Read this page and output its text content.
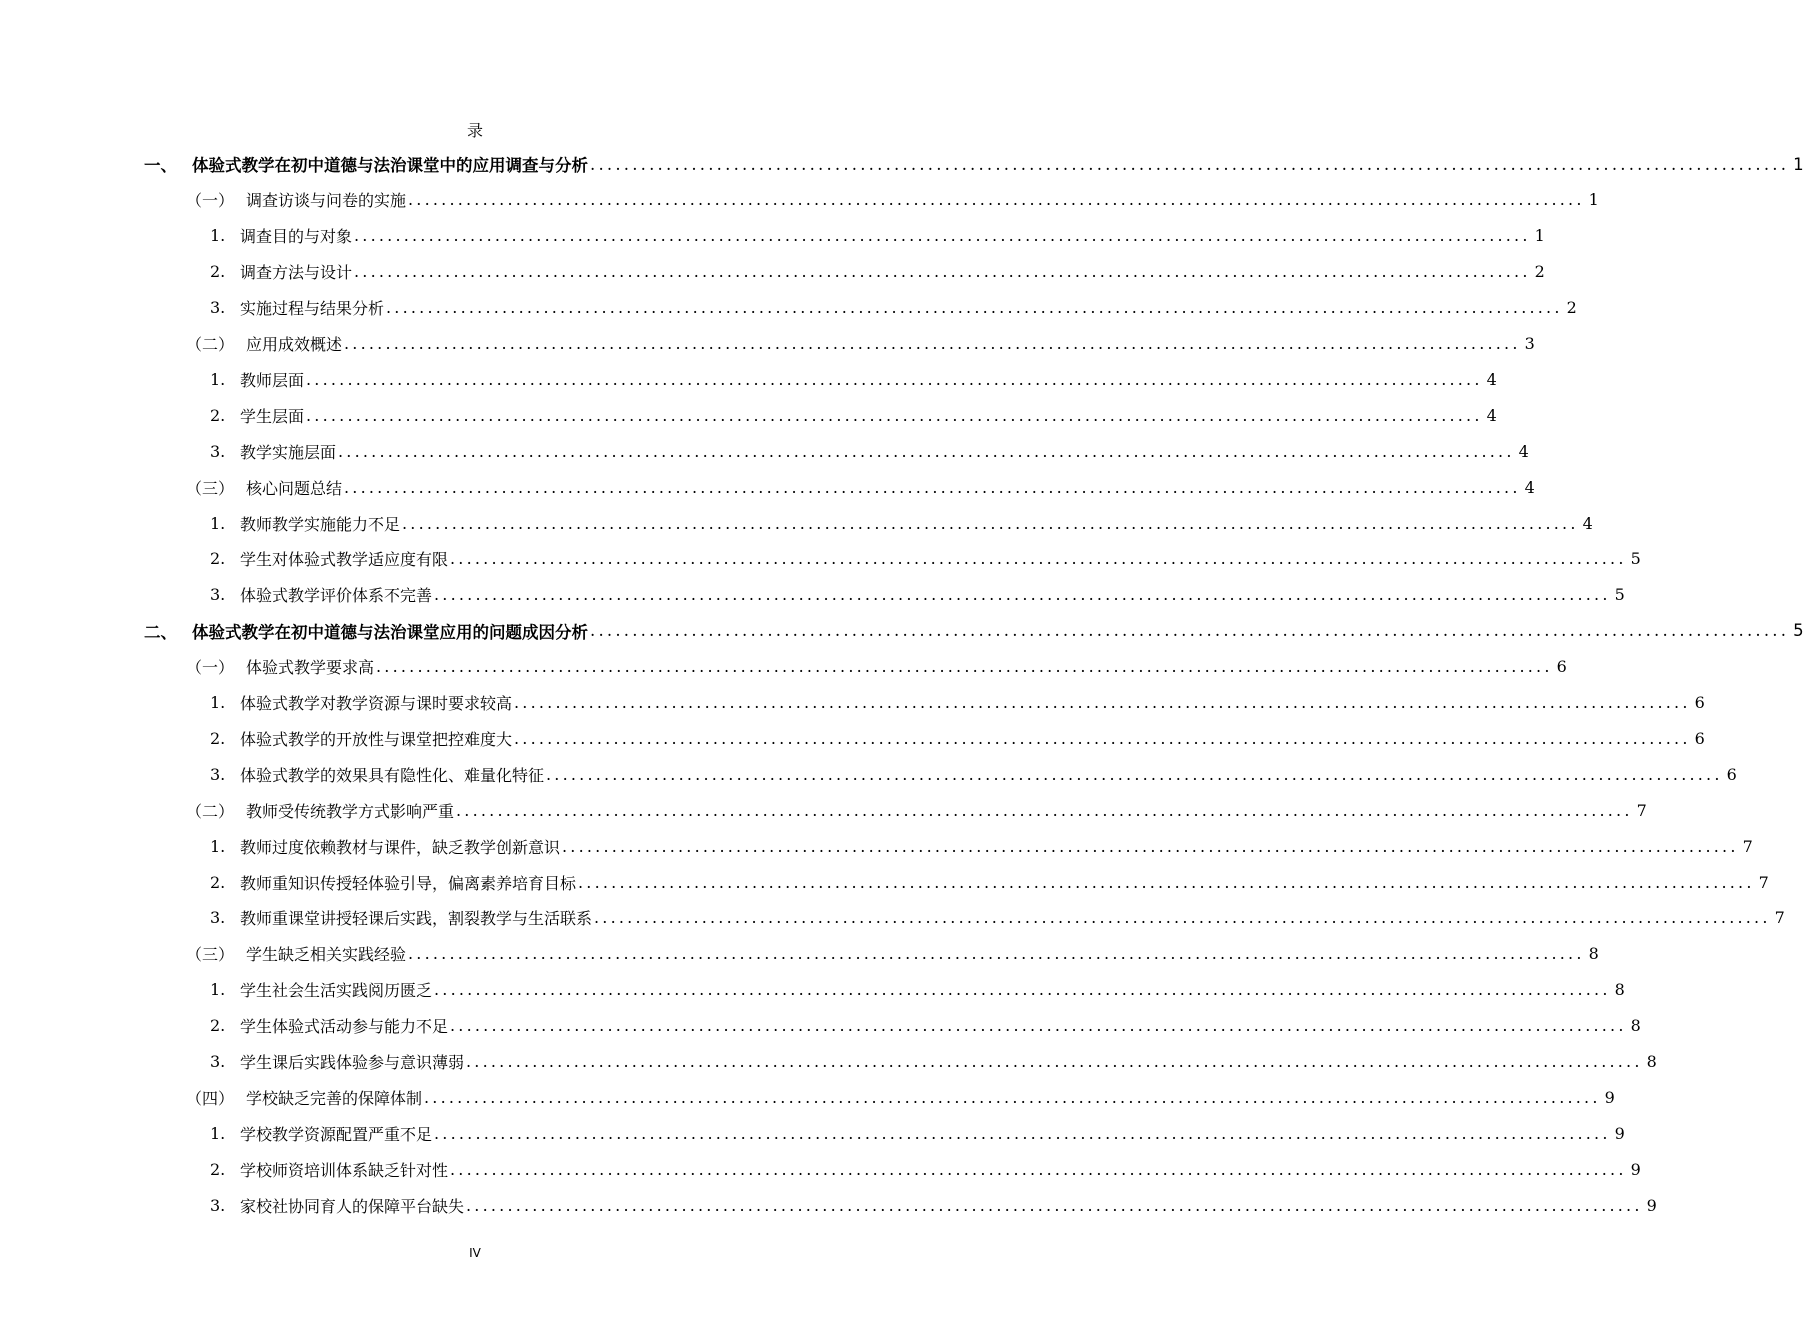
录
一、 体验式教学在初中道德与法治课堂中的应用调查与分析 .............................................................................................................................................. 1
（一） 调查访谈与问卷的实施 .............................................................................................................................................. 1
1. 调查目的与对象 .............................................................................................................................................. 1
2. 调查方法与设计 .............................................................................................................................................. 2
3. 实施过程与结果分析 .............................................................................................................................................. 2
（二） 应用成效概述 .............................................................................................................................................. 3
1. 教师层面 .............................................................................................................................................. 4
2. 学生层面 .............................................................................................................................................. 4
3. 教学实施层面 .............................................................................................................................................. 4
（三） 核心问题总结 .............................................................................................................................................. 4
1. 教师教学实施能力不足 .............................................................................................................................................. 4
2. 学生对体验式教学适应度有限 .............................................................................................................................................. 5
3. 体验式教学评价体系不完善 .............................................................................................................................................. 5
二、 体验式教学在初中道德与法治课堂应用的问题成因分析 .............................................................................................................................................. 5
（一） 体验式教学要求高 .............................................................................................................................................. 6
1. 体验式教学对教学资源与课时要求较高 .............................................................................................................................................. 6
2. 体验式教学的开放性与课堂把控难度大 .............................................................................................................................................. 6
3. 体验式教学的效果具有隐性化、难量化特征 .............................................................................................................................................. 6
（二） 教师受传统教学方式影响严重 .............................................................................................................................................. 7
1. 教师过度依赖教材与课件，缺乏教学创新意识 .............................................................................................................................................. 7
2. 教师重知识传授轻体验引导，偏离素养培育目标 .............................................................................................................................................. 7
3. 教师重课堂讲授轻课后实践，割裂教学与生活联系 .............................................................................................................................................. 7
（三） 学生缺乏相关实践经验 .............................................................................................................................................. 8
1. 学生社会生活实践阅历匮乏 .............................................................................................................................................. 8
2. 学生体验式活动参与能力不足 .............................................................................................................................................. 8
3. 学生课后实践体验参与意识薄弱 .............................................................................................................................................. 8
（四） 学校缺乏完善的保障体制 .............................................................................................................................................. 9
1. 学校教学资源配置严重不足 .............................................................................................................................................. 9
2. 学校师资培训体系缺乏针对性 .............................................................................................................................................. 9
3. 家校社协同育人的保障平台缺失 .............................................................................................................................................. 9
IV
